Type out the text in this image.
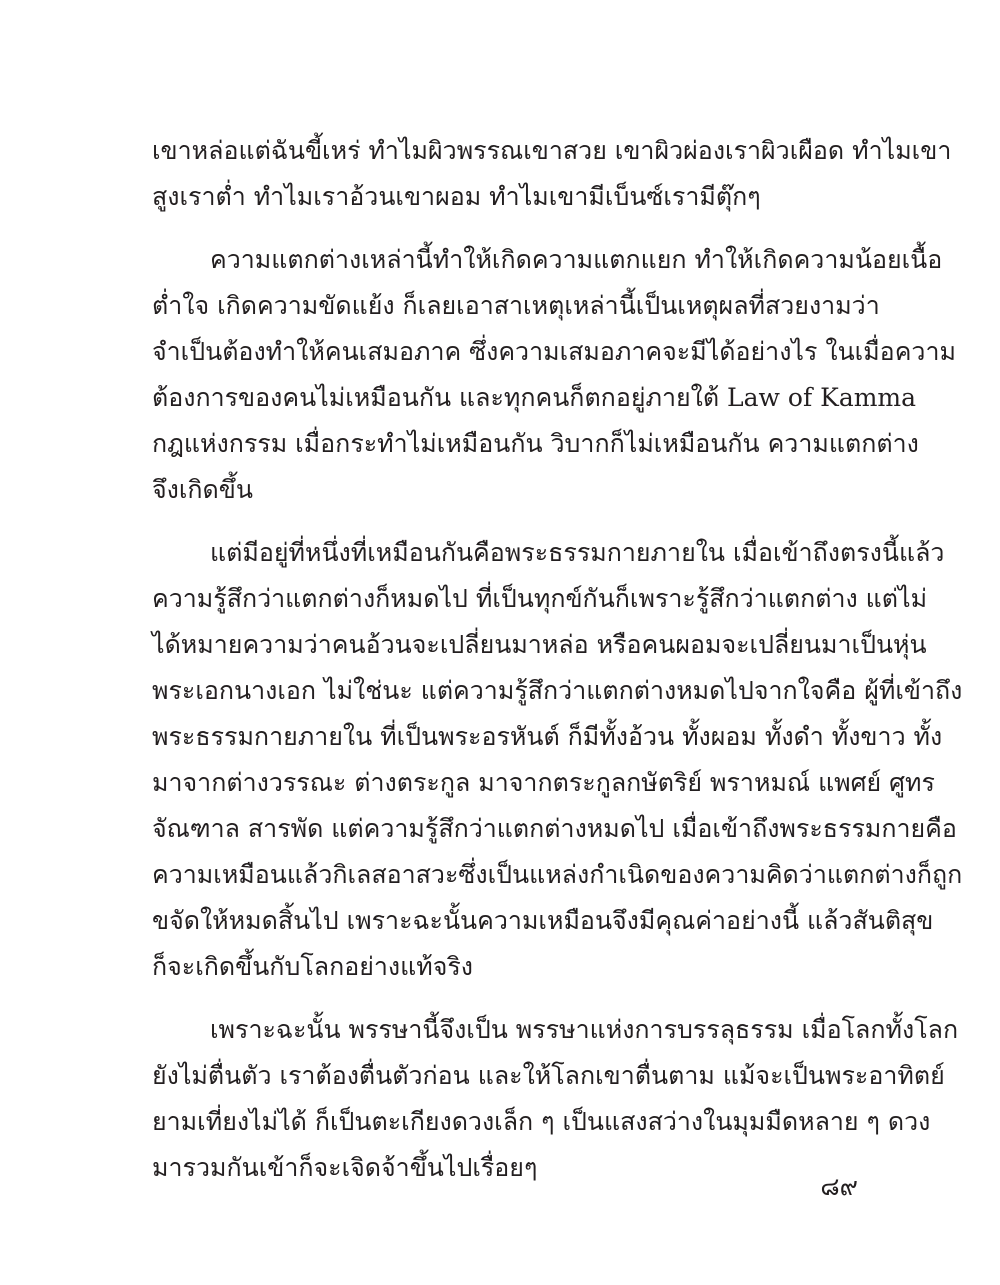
เขาหล่อแต่ฉันขี้เหร่ ทำไมผิวพรรณเขาสวย เขาผิวผ่องเราผิวเผือด ทำไมเขา
สูงเราต่ำ ทำไมเราอ้วนเขาผอม ทำไมเขามีเบ็นซ์เรามีตุ๊กๆ
ความแตกต่างเหล่านี้ทำให้เกิดความแตกแยก ทำให้เกิดความน้อยเนื้อ
ต่ำใจ เกิดความขัดแย้ง ก็เลยเอาสาเหตุเหล่านี้เป็นเหตุผลที่สวยงามว่า
จำเป็นต้องทำให้คนเสมอภาค ซึ่งความเสมอภาคจะมีได้อย่างไร ในเมื่อความ
ต้องการของคนไม่เหมือนกัน และทุกคนก็ตกอยู่ภายใต้ Law of Kamma
กฎแห่งกรรม เมื่อกระทำไม่เหมือนกัน วิบากก็ไม่เหมือนกัน ความแตกต่าง
จึงเกิดขึ้น
แต่มีอยู่ที่หนึ่งที่เหมือนกันคือพระธรรมกายภายใน เมื่อเข้าถึงตรงนี้แล้ว
ความรู้สึกว่าแตกต่างก็หมดไป ที่เป็นทุกข์กันก็เพราะรู้สึกว่าแตกต่าง แต่ไม่
ได้หมายความว่าคนอ้วนจะเปลี่ยนมาหล่อ หรือคนผอมจะเปลี่ยนมาเป็นหุ่น
พระเอกนางเอก ไม่ใช่นะ แต่ความรู้สึกว่าแตกต่างหมดไปจากใจคือ ผู้ที่เข้าถึง
พระธรรมกายภายใน ที่เป็นพระอรหันต์ ก็มีทั้งอ้วน ทั้งผอม ทั้งดำ ทั้งขาว ทั้ง
มาจากต่างวรรณะ ต่างตระกูล มาจากตระกูลกษัตริย์ พราหมณ์ แพศย์ ศูทร
จัณฑาล สารพัด แต่ความรู้สึกว่าแตกต่างหมดไป เมื่อเข้าถึงพระธรรมกายคือ
ความเหมือนแล้วกิเลสอาสวะซึ่งเป็นแหล่งกำเนิดของความคิดว่าแตกต่างก็ถูก
ขจัดให้หมดสิ้นไป เพราะฉะนั้นความเหมือนจึงมีคุณค่าอย่างนี้ แล้วสันติสุข
ก็จะเกิดขึ้นกับโลกอย่างแท้จริง
เพราะฉะนั้น พรรษานี้จึงเป็น พรรษาแห่งการบรรลุธรรม เมื่อโลกทั้งโลก
ยังไม่ตื่นตัว เราต้องตื่นตัวก่อน และให้โลกเขาตื่นตาม แม้จะเป็นพระอาทิตย์
ยามเที่ยงไม่ได้ ก็เป็นตะเกียงดวงเล็ก ๆ เป็นแสงสว่างในมุมมืดหลาย ๆ ดวง
มารวมกันเข้าก็จะเจิดจ้าขึ้นไปเรื่อยๆ
๘๙
